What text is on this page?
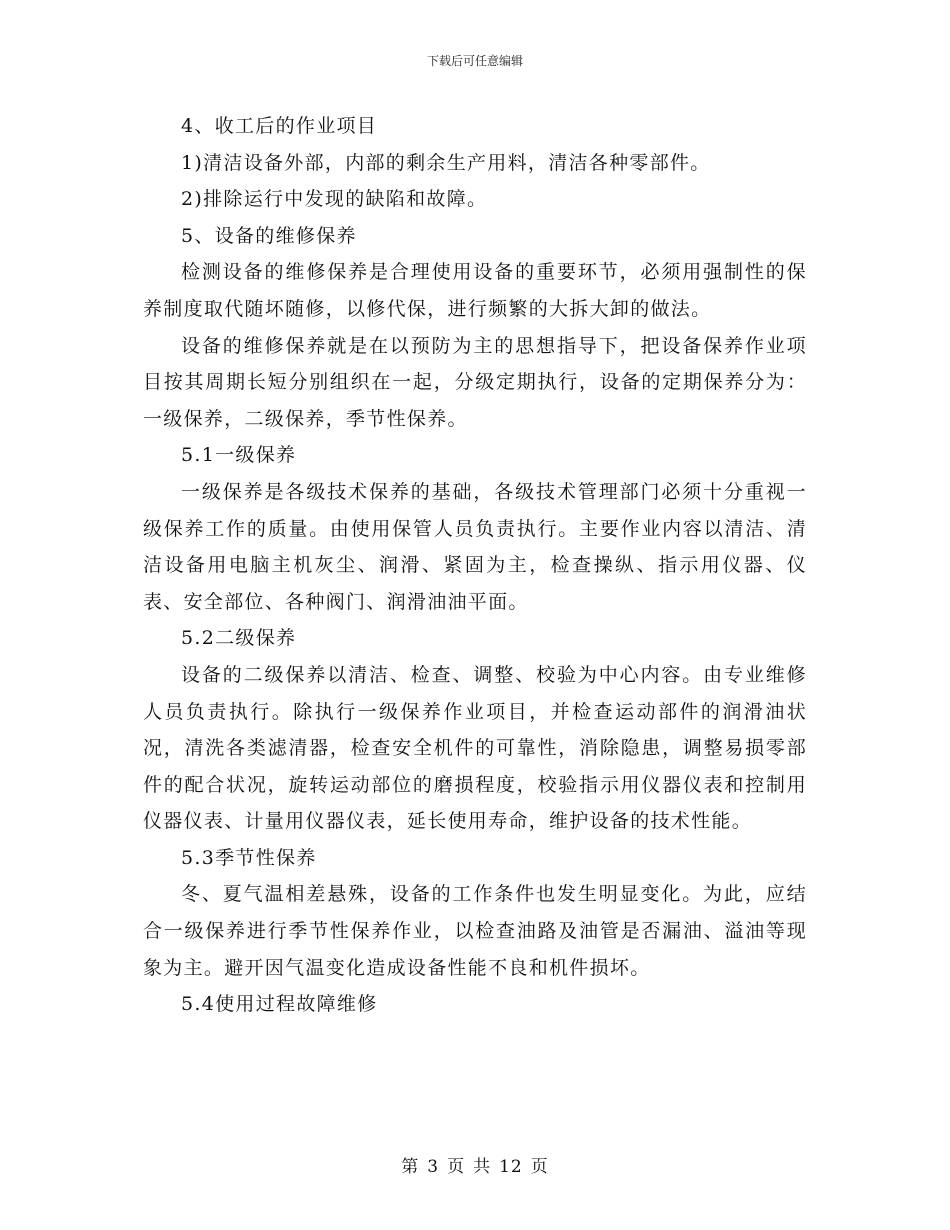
下载后可任意编辑

4、收工后的作业项目

1)清洁设备外部，内部的剩余生产用料，清洁各种零部件。

2)排除运行中发现的缺陷和故障。

5、设备的维修保养

检测设备的维修保养是合理使用设备的重要环节，必须用强制性的保养制度取代随坏随修，以修代保，进行频繁的大拆大卸的做法。

设备的维修保养就是在以预防为主的思想指导下，把设备保养作业项目按其周期长短分别组织在一起，分级定期执行，设备的定期保养分为：一级保养，二级保养，季节性保养。

5.1一级保养

一级保养是各级技术保养的基础，各级技术管理部门必须十分重视一级保养工作的质量。由使用保管人员负责执行。主要作业内容以清洁、清洁设备用电脑主机灰尘、润滑、紧固为主，检查操纵、指示用仪器、仪表、安全部位、各种阀门、润滑油油平面。

5.2二级保养

设备的二级保养以清洁、检查、调整、校验为中心内容。由专业维修人员负责执行。除执行一级保养作业项目，并检查运动部件的润滑油状况，清洗各类滤清器，检查安全机件的可靠性，消除隐患，调整易损零部件的配合状况，旋转运动部位的磨损程度，校验指示用仪器仪表和控制用仪器仪表、计量用仪器仪表，延长使用寿命，维护设备的技术性能。

5.3季节性保养

冬、夏气温相差悬殊，设备的工作条件也发生明显变化。为此，应结合一级保养进行季节性保养作业，以检查油路及油管是否漏油、溢油等现象为主。避开因气温变化造成设备性能不良和机件损坏。

5.4使用过程故障维修

第 3 页 共 12 页
